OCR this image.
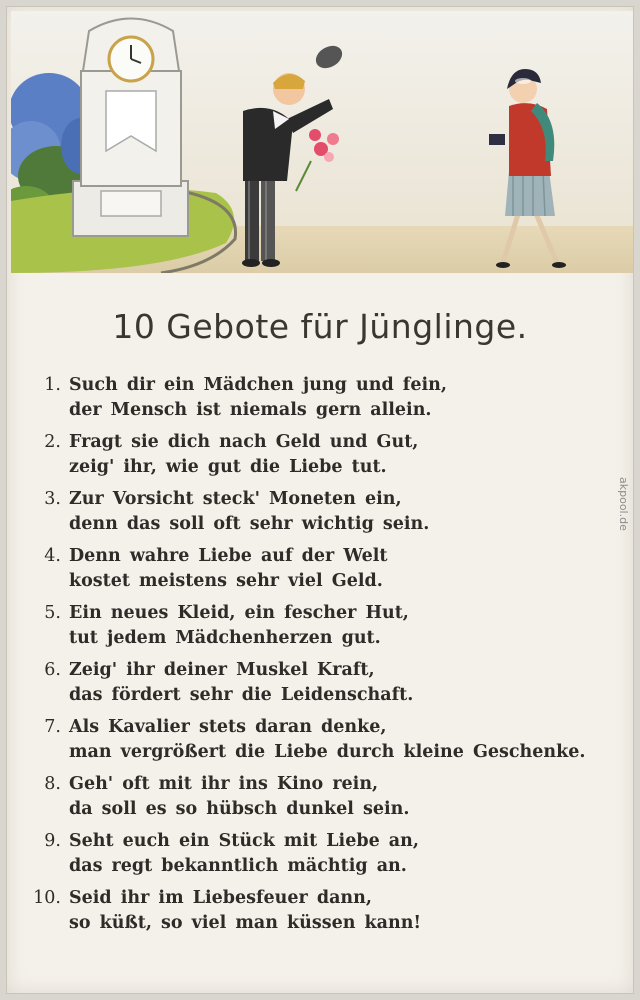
10 Gebote für Jünglinge.
1. Such dir ein Mädchen jung und fein,
der Mensch ist niemals gern allein.
2. Fragt sie dich nach Geld und Gut,
zeig' ihr, wie gut die Liebe tut.
3. Zur Vorsicht steck' Moneten ein,
denn das soll oft sehr wichtig sein.
4. Denn wahre Liebe auf der Welt
kostet meistens sehr viel Geld.
5. Ein neues Kleid, ein fescher Hut,
tut jedem Mädchenherzen gut.
6. Zeig' ihr deiner Muskel Kraft,
das fördert sehr die Leidenschaft.
7. Als Kavalier stets daran denke,
man vergrößert die Liebe durch kleine Geschenke.
8. Geh' oft mit ihr ins Kino rein,
da soll es so hübsch dunkel sein.
9. Seht euch ein Stück mit Liebe an,
das regt bekanntlich mächtig an.
10. Seid ihr im Liebesfeuer dann,
so küßt, so viel man küssen kann!
akpool.de
